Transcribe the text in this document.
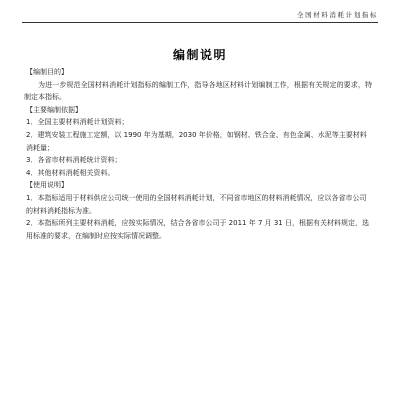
全国材料消耗计划指标
编制说明

【编制目的】

为进一步规范全国材料消耗计划指标的编制工作，指导各地区材料计划编制工作，根据有关规定的要求，特制定本指标。

【主要编制依据】

1．全国主要材料消耗计划资料；

2．建筑安装工程施工定额，以 1990 年为基期，2030 年价格，如钢材、铁合金、有色金属、水泥等主要材料消耗量；

3．各省市材料消耗统计资料；

4．其他材料消耗相关资料。

【使用说明】

1．本指标适用于材料供应公司统一使用的全国材料消耗计划，不同省市地区的材料消耗情况，应以各省市公司的材料消耗指标为准。

2．本指标所列主要材料消耗，应按实际情况，结合各省市公司于 2011 年 7 月 31 日，根据有关材料规定，选用标准的要求，在编制时应按实际情况调整。
